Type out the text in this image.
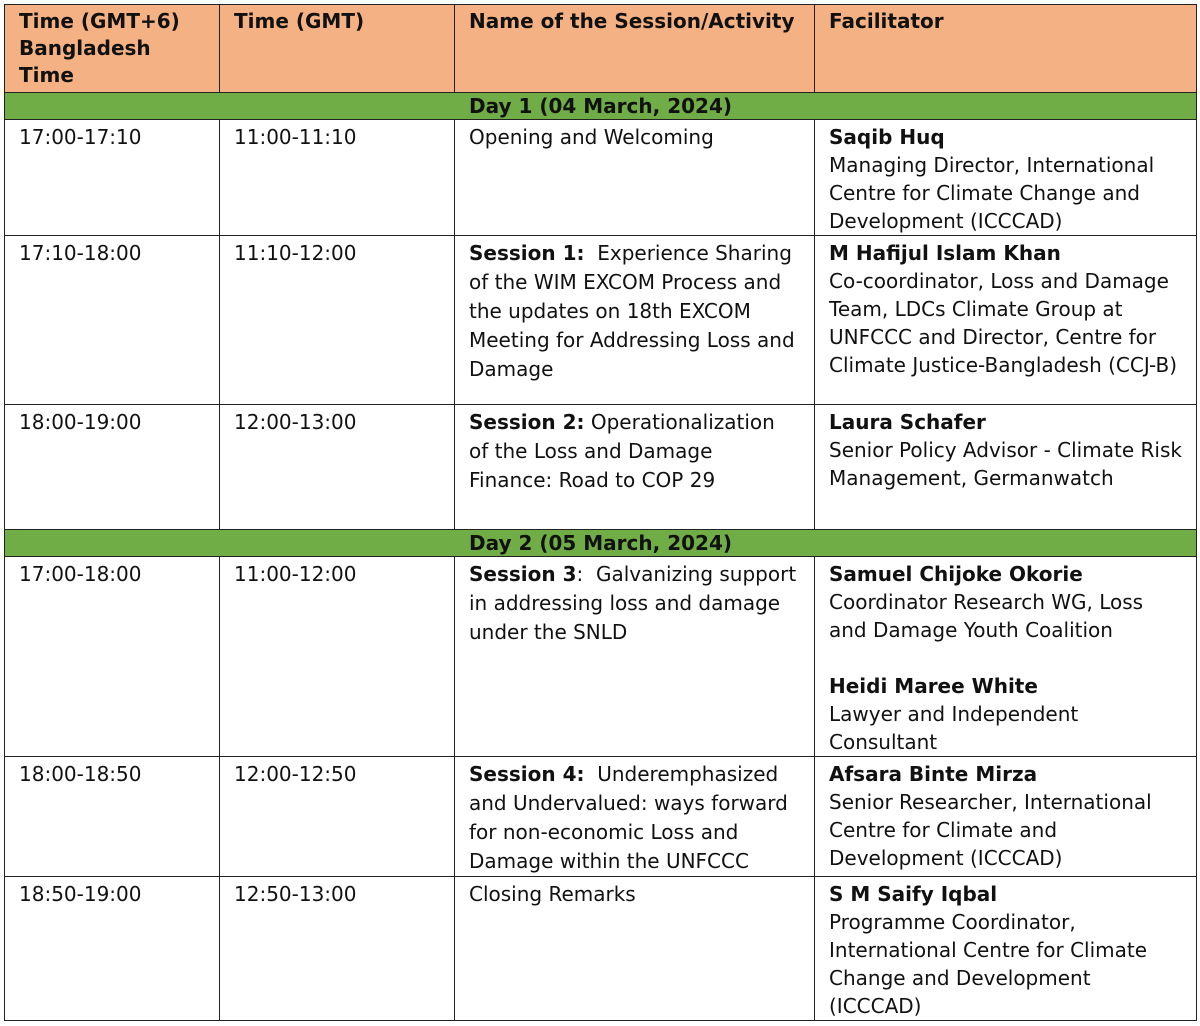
Time (GMT+6) Bangladesh Time	Time (GMT)	Name of the Session/Activity	Facilitator
Day 1 (04 March, 2024)			
17:00-17:10	11:00-11:10	Opening and Welcoming	Saqib Huq
Managing Director, International Centre for Climate Change and Development (ICCCAD)

17:10-18:00	11:10-12:00	Session 1:  Experience Sharing of the WIM EXCOM Process and the updates on 18th EXCOM Meeting for Addressing Loss and Damage	M Hafijul Islam Khan
Co-coordinator, Loss and Damage Team, LDCs Climate Group at UNFCCC and Director, Centre for Climate Justice-Bangladesh (CCJ-B)

18:00-19:00	12:00-13:00	Session 2: Operationalization of the Loss and Damage Finance: Road to COP 29	Laura Schafer
Senior Policy Advisor - Climate Risk Management, Germanwatch

Day 2 (05 March, 2024)			
17:00-18:00	11:00-12:00	Session 3:  Galvanizing support in addressing loss and damage under the SNLD	Samuel Chijoke Okorie
Coordinator Research WG, Loss and Damage Youth Coalition
Heidi Maree White
Lawyer and Independent Consultant

18:00-18:50	12:00-12:50	Session 4:  Underemphasized and Undervalued: ways forward for non-economic Loss and Damage within the UNFCCC	Afsara Binte Mirza
Senior Researcher, International Centre for Climate and Development (ICCCAD)

18:50-19:00	12:50-13:00	Closing Remarks	S M Saify Iqbal
Programme Coordinator, International Centre for Climate Change and Development (ICCCAD)
